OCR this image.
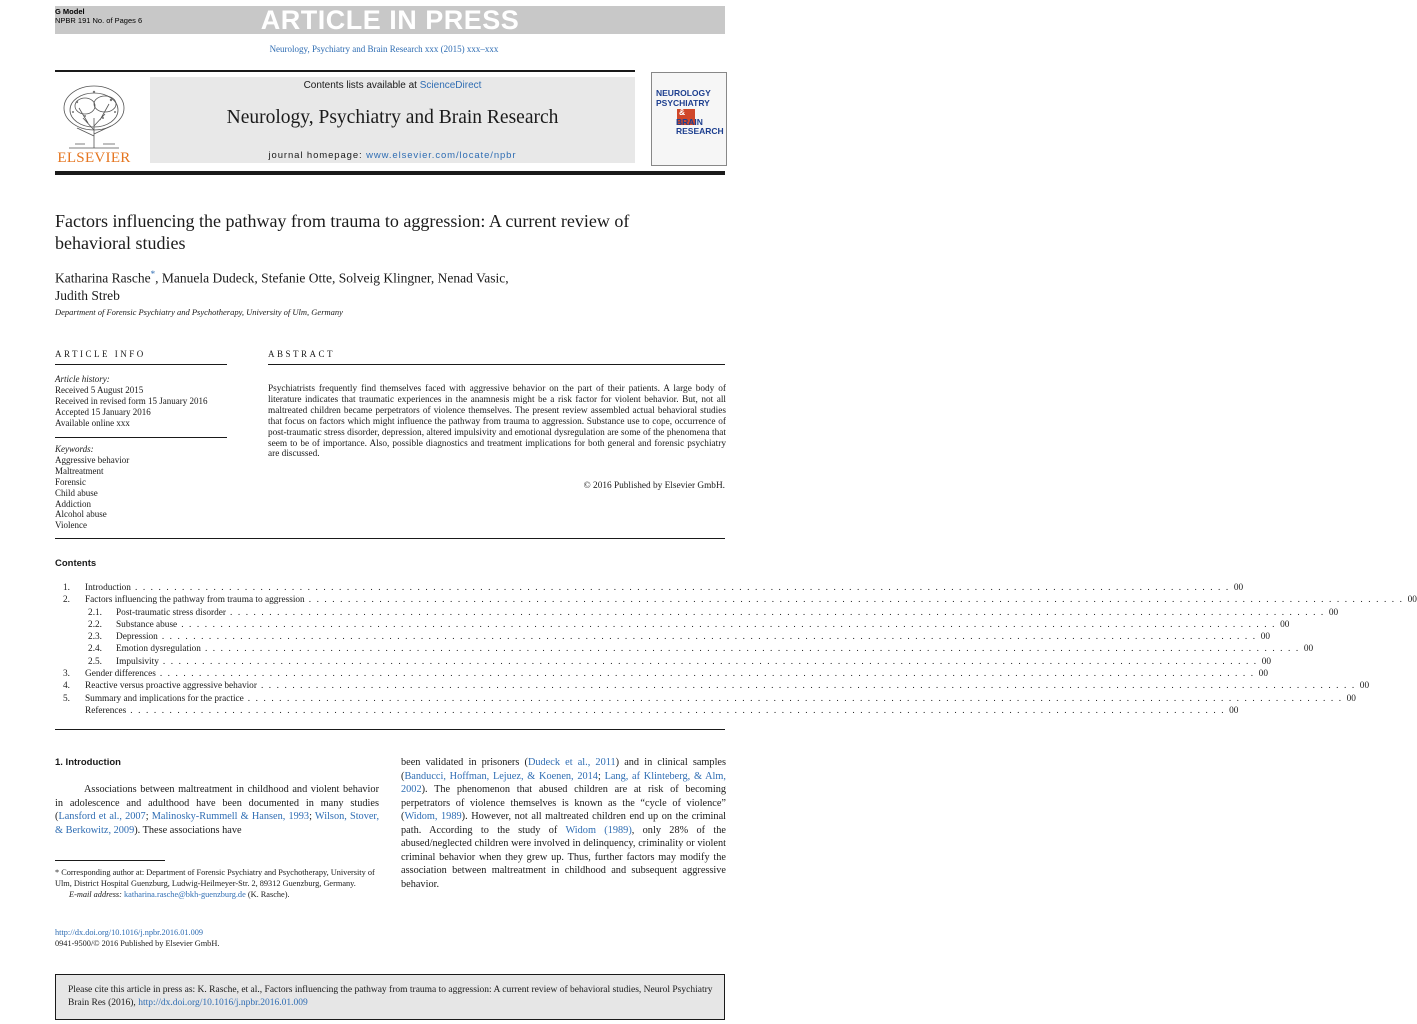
ARTICLE IN PRESS
G Model
NPBR 191 No. of Pages 6
Neurology, Psychiatry and Brain Research xxx (2015) xxx–xxx
ELSEVIER
Contents lists available at ScienceDirect
Neurology, Psychiatry and Brain Research
journal homepage: www.elsevier.com/locate/npbr
NEUROLOGY
PSYCHIATRY
&
BRAIN
RESEARCH
Factors influencing the pathway from trauma to aggression: A current review of behavioral studies
Katharina Rasche*, Manuela Dudeck, Stefanie Otte, Solveig Klingner, Nenad Vasic,
Judith Streb
Department of Forensic Psychiatry and Psychotherapy, University of Ulm, Germany
ARTICLE INFO	ABSTRACT
Article history:
Received 5 August 2015
Received in revised form 15 January 2016
Accepted 15 January 2016
Available online xxx
Keywords:
Aggressive behavior
Maltreatment
Forensic
Child abuse
Addiction
Alcohol abuse
Violence
Psychiatrists frequently find themselves faced with aggressive behavior on the part of their patients. A large body of literature indicates that traumatic experiences in the anamnesis might be a risk factor for violent behavior. But, not all maltreated children became perpetrators of violence themselves. The present review assembled actual behavioral studies that focus on factors which might influence the pathway from trauma to aggression. Substance use to cope, occurrence of post-traumatic stress disorder, depression, altered impulsivity and emotional dysregulation are some of the phenomena that seem to be of importance. Also, possible diagnostics and treatment implications for both general and forensic psychiatry are discussed.
© 2016 Published by Elsevier GmbH.
Contents
1.	Introduction . . . . . . . . . . . . . . . . . . . . . . . . . . . . . . . . . . . . . . . . . . . . . . . . . . . . . . . . . . . . . . . . . . . . . . . . . . . . . . . . . . . . . . . . . . . . . . . . . . . . . . . . . . . . . . . . . . . . . . . . . . . . . . . . . . . . . . . . . . . . 00
2.	Factors influencing the pathway from trauma to aggression . . . . . . . . . . . . . . . . . . . . . . . . . . . . . . . . . . . . . . . . . . . . . . . . . . . . . . . . . . . . . . . . . . . . . . . . . . . . . . . . . . . . . . . . . . . . . . . . . . . . . . . . . . . . . . . . . . . . . . . . . . . . . . . . . . . . . . . . . . . . 00
2.1.	Post-traumatic stress disorder . . . . . . . . . . . . . . . . . . . . . . . . . . . . . . . . . . . . . . . . . . . . . . . . . . . . . . . . . . . . . . . . . . . . . . . . . . . . . . . . . . . . . . . . . . . . . . . . . . . . . . . . . . . . . . . . . . . . . . . . . . . . . . . . . . . . . . . . . . . . 00
2.2.	Substance abuse . . . . . . . . . . . . . . . . . . . . . . . . . . . . . . . . . . . . . . . . . . . . . . . . . . . . . . . . . . . . . . . . . . . . . . . . . . . . . . . . . . . . . . . . . . . . . . . . . . . . . . . . . . . . . . . . . . . . . . . . . . . . . . . . . . . . . . . . . . . . 00
2.3.	Depression . . . . . . . . . . . . . . . . . . . . . . . . . . . . . . . . . . . . . . . . . . . . . . . . . . . . . . . . . . . . . . . . . . . . . . . . . . . . . . . . . . . . . . . . . . . . . . . . . . . . . . . . . . . . . . . . . . . . . . . . . . . . . . . . . . . . . . . . . . . . 00
2.4.	Emotion dysregulation . . . . . . . . . . . . . . . . . . . . . . . . . . . . . . . . . . . . . . . . . . . . . . . . . . . . . . . . . . . . . . . . . . . . . . . . . . . . . . . . . . . . . . . . . . . . . . . . . . . . . . . . . . . . . . . . . . . . . . . . . . . . . . . . . . . . . . . . . . . . 00
2.5.	Impulsivity . . . . . . . . . . . . . . . . . . . . . . . . . . . . . . . . . . . . . . . . . . . . . . . . . . . . . . . . . . . . . . . . . . . . . . . . . . . . . . . . . . . . . . . . . . . . . . . . . . . . . . . . . . . . . . . . . . . . . . . . . . . . . . . . . . . . . . . . . . . . 00
3.	Gender differences . . . . . . . . . . . . . . . . . . . . . . . . . . . . . . . . . . . . . . . . . . . . . . . . . . . . . . . . . . . . . . . . . . . . . . . . . . . . . . . . . . . . . . . . . . . . . . . . . . . . . . . . . . . . . . . . . . . . . . . . . . . . . . . . . . . . . . . . . . . . 00
4.	Reactive versus proactive aggressive behavior . . . . . . . . . . . . . . . . . . . . . . . . . . . . . . . . . . . . . . . . . . . . . . . . . . . . . . . . . . . . . . . . . . . . . . . . . . . . . . . . . . . . . . . . . . . . . . . . . . . . . . . . . . . . . . . . . . . . . . . . . . . . . . . . . . . . . . . . . . . . 00
5.	Summary and implications for the practice . . . . . . . . . . . . . . . . . . . . . . . . . . . . . . . . . . . . . . . . . . . . . . . . . . . . . . . . . . . . . . . . . . . . . . . . . . . . . . . . . . . . . . . . . . . . . . . . . . . . . . . . . . . . . . . . . . . . . . . . . . . . . . . . . . . . . . . . . . . . 00
References . . . . . . . . . . . . . . . . . . . . . . . . . . . . . . . . . . . . . . . . . . . . . . . . . . . . . . . . . . . . . . . . . . . . . . . . . . . . . . . . . . . . . . . . . . . . . . . . . . . . . . . . . . . . . . . . . . . . . . . . . . . . . . . . . . . . . . . . . . . . 00
1. Introduction
Associations between maltreatment in childhood and violent behavior in adolescence and adulthood have been documented in many studies (Lansford et al., 2007; Malinosky-Rummell & Hansen, 1993; Wilson, Stover, & Berkowitz, 2009). These associations have
been validated in prisoners (Dudeck et al., 2011) and in clinical samples (Banducci, Hoffman, Lejuez, & Koenen, 2014; Lang, af Klinteberg, & Alm, 2002). The phenomenon that abused children are at risk of becoming perpetrators of violence themselves is known as the “cycle of violence” (Widom, 1989). However, not all maltreated children end up on the criminal path. According to the study of Widom (1989), only 28% of the abused/neglected children were involved in delinquency, criminality or violent criminal behavior when they grew up. Thus, further factors may modify the association between maltreatment in childhood and subsequent aggressive behavior.
* Corresponding author at: Department of Forensic Psychiatry and Psychotherapy, University of Ulm, District Hospital Guenzburg, Ludwig-Heilmeyer-Str. 2, 89312 Guenzburg, Germany.
E-mail address: katharina.rasche@bkh-guenzburg.de (K. Rasche).
http://dx.doi.org/10.1016/j.npbr.2016.01.009
0941-9500/© 2016 Published by Elsevier GmbH.
Please cite this article in press as: K. Rasche, et al., Factors influencing the pathway from trauma to aggression: A current review of behavioral studies, Neurol Psychiatry Brain Res (2016), http://dx.doi.org/10.1016/j.npbr.2016.01.009
